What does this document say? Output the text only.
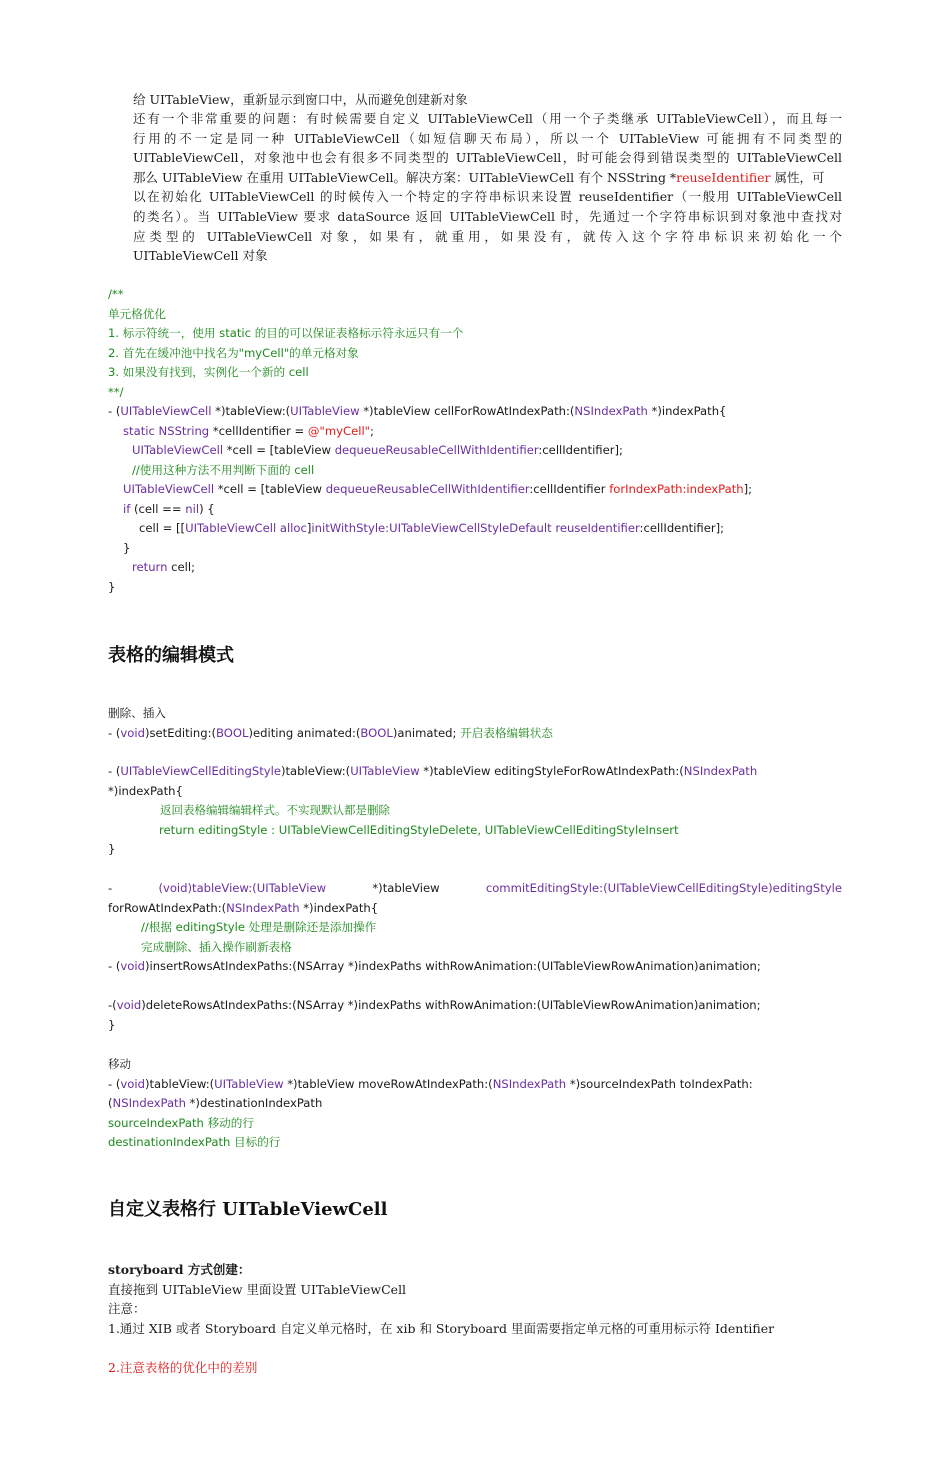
给 UITableView，重新显示到窗口中，从而避免创建新对象
还有一个非常重要的问题：有时候需要自定义 UITableViewCell（用一个子类继承 UITableViewCell），而且每一
行用的不一定是同一种 UITableViewCell（如短信聊天布局），所以一个 UITableView 可能拥有不同类型的
UITableViewCell，对象池中也会有很多不同类型的 UITableViewCell，时可能会得到错误类型的 UITableViewCell
那么 UITableView 在重用 UITableViewCell。解决方案：UITableViewCell 有个 NSString *reuseIdentifier 属性，可
以在初始化 UITableViewCell 的时候传入一个特定的字符串标识来设置 reuseIdentifier（一般用 UITableViewCell
的类名）。当 UITableView 要求 dataSource 返回 UITableViewCell 时，先通过一个字符串标识到对象池中查找对
应类型的 UITableViewCell 对象，如果有，就重用，如果没有，就传入这个字符串标识来初始化一个
UITableViewCell 对象
/**
单元格优化
1. 标示符统一，使用 static 的目的可以保证表格标示符永远只有一个
2. 首先在缓冲池中找名为"myCell"的单元格对象
3. 如果没有找到，实例化一个新的 cell
**/
- (UITableViewCell *)tableView:(UITableView *)tableView cellForRowAtIndexPath:(NSIndexPath *)indexPath{
static NSString *cellIdentifier = @"myCell";
UITableViewCell *cell = [tableView dequeueReusableCellWithIdentifier:cellIdentifier];
//使用这种方法不用判断下面的 cell
UITableViewCell *cell = [tableView dequeueReusableCellWithIdentifier:cellIdentifier forIndexPath:indexPath];
if (cell == nil) {
cell = [[UITableViewCell alloc]initWithStyle:UITableViewCellStyleDefault reuseIdentifier:cellIdentifier];
}
return cell;
}
表格的编辑模式
删除、插入
- (void)setEditing:(BOOL)editing animated:(BOOL)animated; 开启表格编辑状态
- (UITableViewCellEditingStyle)tableView:(UITableView *)tableView editingStyleForRowAtIndexPath:(NSIndexPath
*)indexPath{
返回表格编辑编辑样式。不实现默认都是删除
return editingStyle : UITableViewCellEditingStyleDelete, UITableViewCellEditingStyleInsert
}
-	(void)tableView:(UITableView	*)tableView	commitEditingStyle:(UITableViewCellEditingStyle)editingStyle
forRowAtIndexPath:(NSIndexPath *)indexPath{
//根据 editingStyle 处理是删除还是添加操作
完成删除、插入操作刷新表格
- (void)insertRowsAtIndexPaths:(NSArray *)indexPaths withRowAnimation:(UITableViewRowAnimation)animation;
-(void)deleteRowsAtIndexPaths:(NSArray *)indexPaths withRowAnimation:(UITableViewRowAnimation)animation;
}
移动
- (void)tableView:(UITableView *)tableView moveRowAtIndexPath:(NSIndexPath *)sourceIndexPath toIndexPath:
(NSIndexPath *)destinationIndexPath
sourceIndexPath 移动的行
destinationIndexPath 目标的行
自定义表格行 UITableViewCell
storyboard 方式创建：
直接拖到 UITableView 里面设置 UITableViewCell
注意：
1.通过 XIB 或者 Storyboard 自定义单元格时，在 xib 和 Storyboard 里面需要指定单元格的可重用标示符 Identifier
2.注意表格的优化中的差别
